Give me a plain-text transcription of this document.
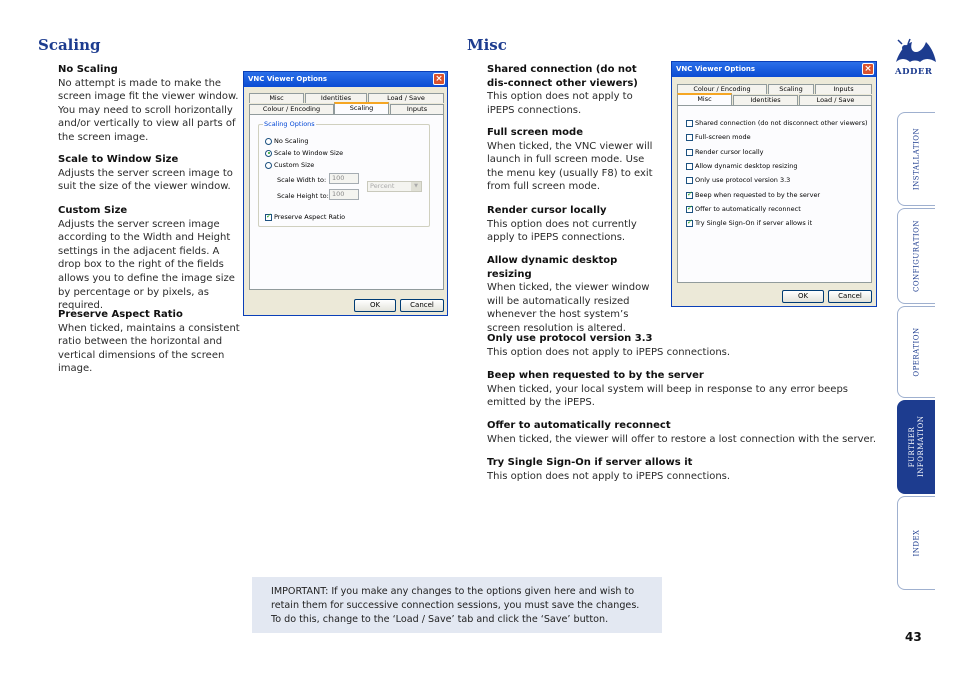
Scaling
No Scaling
No attempt is made to make the screen image fit the viewer window. You may need to scroll horizontally and/or vertically to view all parts of the screen image.
Scale to Window Size
Adjusts the server screen image to suit the size of the viewer window.
Custom Size
Adjusts the server screen image according to the Width and Height settings in the adjacent fields. A drop box to the right of the fields allows you to define the image size by percentage or by pixels, as required.
Preserve Aspect Ratio
When ticked, maintains a consistent ratio between the horizontal and vertical dimensions of the screen image.
VNC Viewer Options	×
Misc	Identities	Load / Save
Colour / Encoding	Scaling	Inputs
Scaling Options
No Scaling
Scale to Window Size
Custom Size
Scale Width to: 100
Scale Height to: 100
Percent	▼
✓Preserve Aspect Ratio
OK	Cancel
Misc
Shared connection (do not dis-connect other viewers)
This option does not apply to iPEPS connections.
Full screen mode
When ticked, the VNC viewer will launch in full screen mode. Use the menu key (usually F8) to exit from full screen mode.
Render cursor locally
This option does not currently apply to iPEPS connections.
Allow dynamic desktop resizing
When ticked, the viewer window will be automatically resized whenever the host system’s screen resolution is altered.
Only use protocol version 3.3
This option does not apply to iPEPS connections.
Beep when requested to by the server
When ticked, your local system will beep in response to any error beeps emitted by the iPEPS.
Offer to automatically reconnect
When ticked, the viewer will offer to restore a lost connection with the server.
Try Single Sign-On if server allows it
This option does not apply to iPEPS connections.
VNC Viewer Options	×
Colour / Encoding	Scaling	Inputs
Misc	Identities	Load / Save
Shared connection (do not disconnect other viewers)
Full-screen mode
Render cursor locally
Allow dynamic desktop resizing
Only use protocol version 3.3
✓Beep when requested to by the server
✓Offer to automatically reconnect
✓Try Single Sign-On if server allows it
OK	Cancel
ADDER
INSTALLATION
CONFIGURATION
OPERATION
FURTHER INFORMATION
INDEX
IMPORTANT: If you make any changes to the options given here and wish to retain them for successive connection sessions, you must save the changes. To do this, change to the ‘Load / Save’ tab and click the ‘Save’ button.
43
